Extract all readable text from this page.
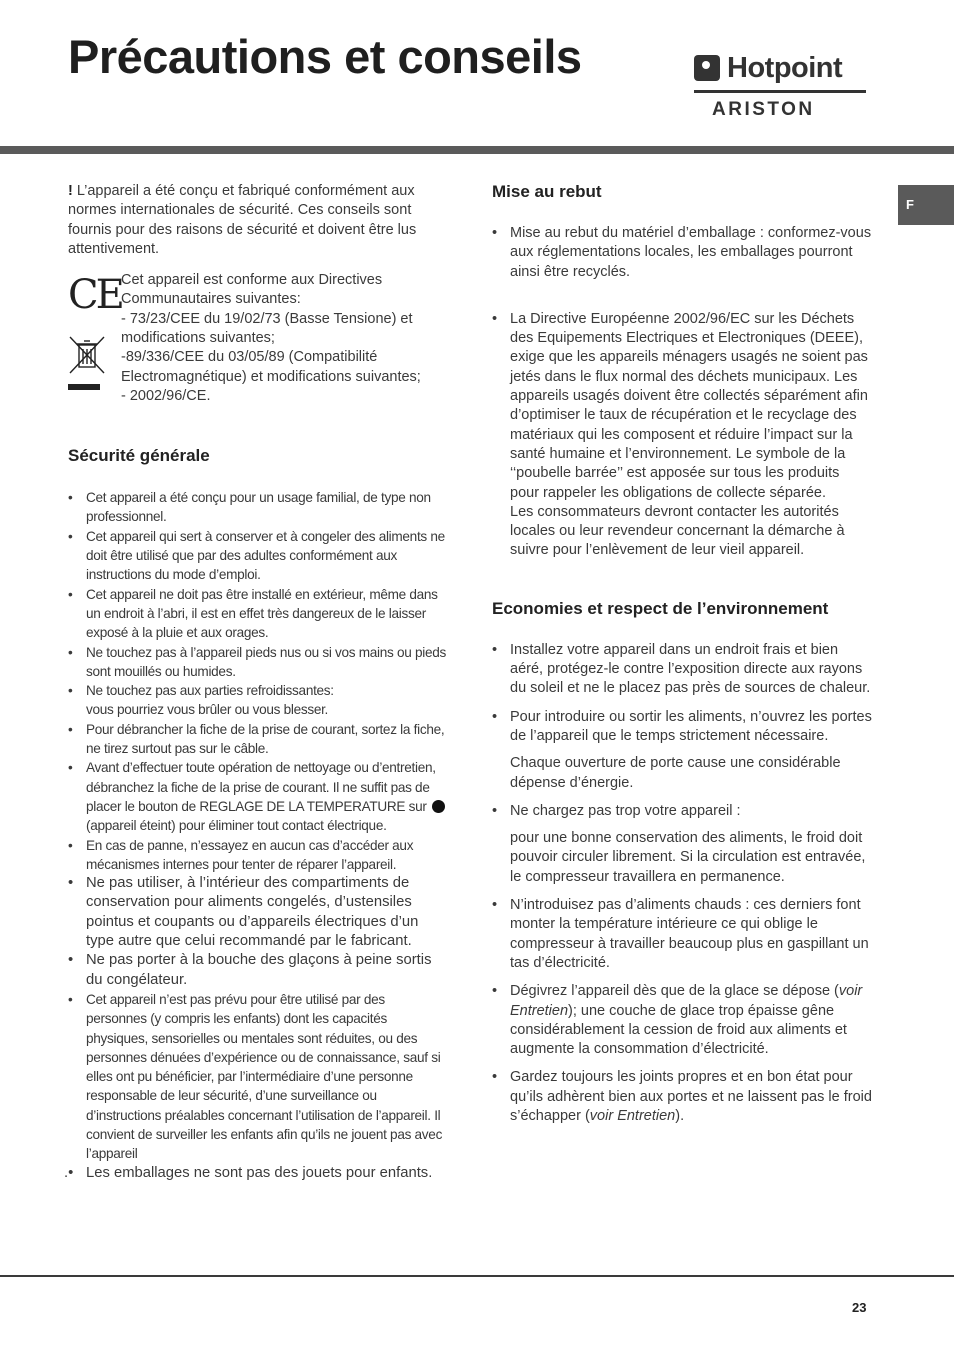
Précautions et conseils	Hotpoint
ARISTON
F

! L’appareil a été conçu et fabriqué conformément aux normes internationales de sécurité. Ces conseils sont fournis pour des raisons de sécurité et doivent être lus attentivement.

CE Cet appareil est conforme aux Directives Communautaires suivantes:
- 73/23/CEE du 19/02/73 (Basse Tensione) et modifications suivantes;
-89/336/CEE du 03/05/89 (Compatibilité Electromagnétique) et modifications suivantes;
- 2002/96/CE.

Sécurité générale
• Cet appareil a été conçu pour un usage familial, de type non professionnel.
• Cet appareil qui sert à conserver et à congeler des aliments ne doit être utilisé que par des adultes conformément aux instructions du mode d’emploi.
• Cet appareil ne doit pas être installé en extérieur, même dans un endroit à l’abri, il est en effet très dangereux de le laisser exposé à la pluie et aux orages.
• Ne touchez pas à l’appareil pieds nus ou si vos mains ou pieds sont mouillés ou humides.
• Ne touchez pas aux parties refroidissantes:
vous pourriez vous brûler ou vous blesser.
• Pour débrancher la fiche de la prise de courant, sortez la fiche, ne tirez surtout pas sur le câble.
• Avant d’effectuer toute opération de nettoyage ou d’entretien, débranchez la fiche de la prise de courant. Il ne suffit pas de placer le bouton de REGLAGE DE LA TEMPERATURE sur  (appareil éteint) pour éliminer tout contact électrique.
• En cas de panne, n’essayez en aucun cas d’accéder aux mécanismes internes pour tenter de réparer l’appareil.
• Ne pas utiliser, à l’intérieur des compartiments de conservation pour aliments congelés, d’ustensiles pointus et coupants ou d’appareils électriques d’un type autre que celui recommandé par le fabricant.
• Ne pas porter à la bouche des glaçons à peine sortis du congélateur.
• Cet appareil n’est pas prévu pour être utilisé par des personnes (y compris les enfants) dont les capacités physiques, sensorielles ou mentales sont réduites, ou des personnes dénuées d’expérience ou de connaissance, sauf si elles ont pu bénéficier, par l’intermédiaire d’une personne responsable de leur sécurité, d’une surveillance ou d’instructions préalables concernant l’utilisation de l’appareil. Il convient de surveiller les enfants afin qu’ils ne jouent pas avec l’appareil
.• Les emballages ne sont pas des jouets pour enfants.
Mise au rebut
• Mise au rebut du matériel d’emballage : conformez-vous aux réglementations locales, les emballages pourront ainsi être recyclés.
• La Directive Européenne 2002/96/EC sur les Déchets des Equipements Electriques et Electroniques (DEEE), exige que les appareils ménagers usagés ne soient pas jetés dans le flux normal des déchets municipaux. Les appareils usagés doivent être collectés séparément afin d’optimiser le taux de récupération et le recyclage des matériaux qui les composent et réduire l’impact sur la santé humaine et l’environnement. Le symbole de la ‘‘poubelle barrée’’ est apposée sur tous les produits pour rappeler les obligations de collecte séparée.
Les consommateurs devront contacter les autorités locales ou leur revendeur concernant la démarche à suivre pour l’enlèvement de leur vieil appareil.
Economies et respect de l’environnement
• Installez votre appareil dans un endroit frais et bien aéré, protégez-le contre l’exposition directe aux rayons du soleil et ne le placez pas près de sources de chaleur.
• Pour introduire ou sortir les aliments, n’ouvrez les portes de l’appareil que le temps strictement nécessaire.

Chaque ouverture de porte cause une considérable dépense d’énergie.

• Ne chargez pas trop votre appareil :

pour une bonne conservation des aliments, le froid doit pouvoir circuler librement. Si la circulation est entravée, le compresseur travaillera en permanence.

• N’introduisez pas d’aliments chauds : ces derniers font monter la température intérieure ce qui oblige le compresseur à travailler beaucoup plus en gaspillant un tas d’électricité.
• Dégivrez l’appareil dès que de la glace se dépose (voir Entretien); une couche de glace trop épaisse gêne considérablement la cession de froid aux aliments et augmente la consommation d’électricité.
• Gardez toujours les joints propres et en bon état pour qu’ils adhèrent bien aux portes et ne laissent pas le froid s’échapper (voir Entretien).
23
